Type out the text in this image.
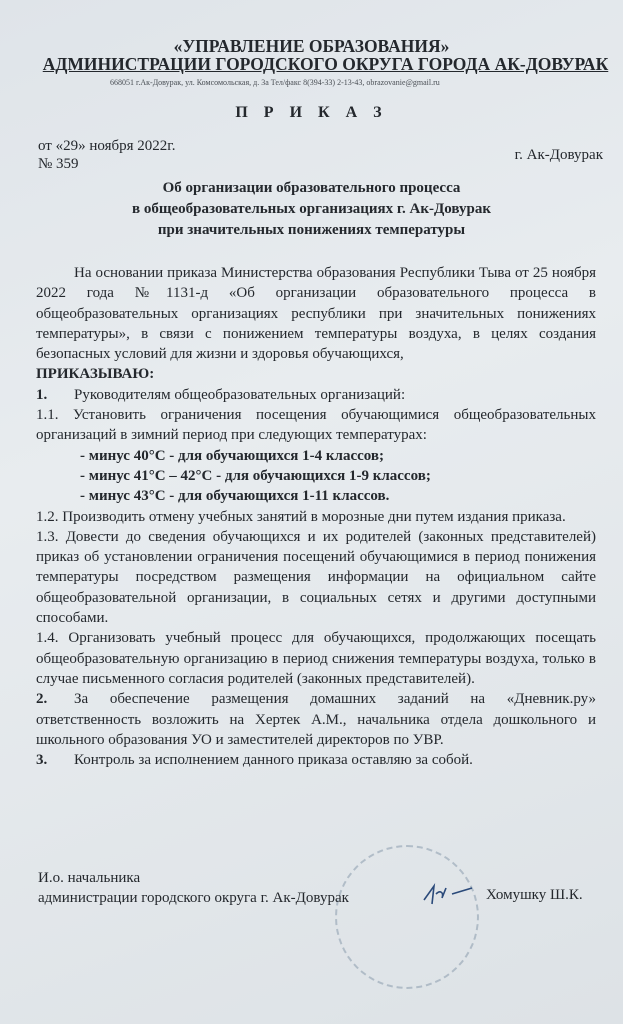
«УПРАВЛЕНИЕ ОБРАЗОВАНИЯ»
АДМИНИСТРАЦИИ ГОРОДСКОГО ОКРУГА ГОРОДА АК-ДОВУРАК
668051 г.Ак-Довурак, ул. Комсомольская, д. 3а Тел/факс 8(394-33) 2-13-43, obrazovanie@gmail.ru
П Р И К А З
от «29» ноября 2022г.
№ 359
г. Ак-Довурак
Об организации образовательного процесса
в общеобразовательных организациях г. Ак-Довурак
при значительных понижениях температуры

На основании приказа Министерства образования Республики Тыва от 25 ноября 2022 года №1131-д «Об организации образовательного процесса в общеобразовательных организациях республики при значительных понижениях температуры», в связи с понижением температуры воздуха, в целях создания безопасных условий для жизни и здоровья обучающихся,

ПРИКАЗЫВАЮ:

1. Руководителям общеобразовательных организаций:

1.1. Установить ограничения посещения обучающимися общеобразовательных организаций в зимний период при следующих температурах:

- минус 40°С - для обучающихся 1-4 классов;

- минус 41°С – 42°С - для обучающихся 1-9 классов;

- минус 43°С - для обучающихся 1-11 классов.

1.2. Производить отмену учебных занятий в морозные дни путем издания приказа.

1.3. Довести до сведения обучающихся и их родителей (законных представителей) приказ об установлении ограничения посещений обучающимися в период понижения температуры посредством размещения информации на официальном сайте общеобразовательной организации, в социальных сетях и другими доступными способами.

1.4. Организовать учебный процесс для обучающихся, продолжающих посещать общеобразовательную организацию в период снижения температуры воздуха, только в случае письменного согласия родителей (законных представителей).

2. За обеспечение размещения домашних заданий на «Дневник.ру» ответственность возложить на Хертек А.М., начальника отдела дошкольного и школьного образования УО и заместителей директоров по УВР.

3. Контроль за исполнением данного приказа оставляю за собой.

И.о. начальника
администрации городского округа г. Ак-Довурак	Хомушку Ш.К.
